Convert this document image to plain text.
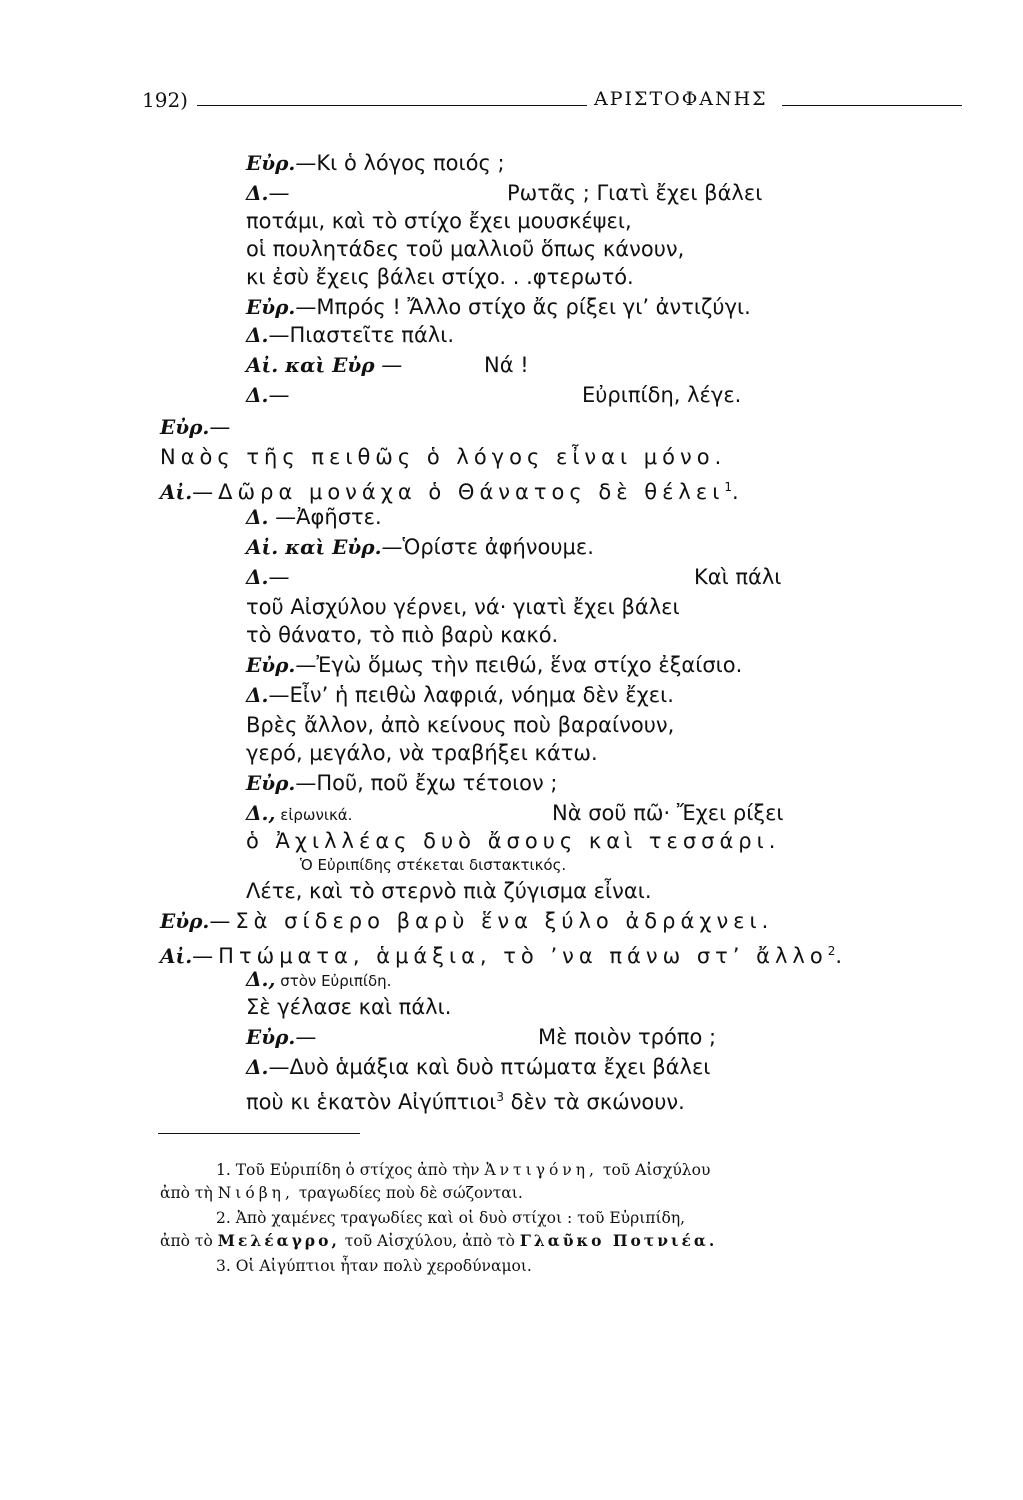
192)	ΑΡΙΣΤΟΦΑΝΗΣ
Εὐρ.—Κι ὁ λόγος ποιός ;
Δ.—	Ρωτᾶς ; Γιατὶ ἔχει βάλει
ποτάμι, καὶ τὸ στίχο ἔχει μουσκέψει,
οἱ πουλητάδες τοῦ μαλλιοῦ ὅπως κάνουν,
κι ἐσὺ ἔχεις βάλει στίχο. . .φτερωτό.
Εὐρ.—Μπρός ! Ἄλλο στίχο ἄς ρίξει γι’ ἀντιζύγι.
Δ.—Πιαστεῖτε πάλι.
Αἰ. καὶ Εὐρ —	Νά !
Δ.—	Εὐριπίδη, λέγε.
Εὐρ.—
Ναὸς τῆς πειθῶς ὁ λόγος εἶναι μόνο.
Αἰ.—Δῶρα μονάχα ὁ Θάνατος δὲ θέλει$^1$.
Δ. —Ἀφῆστε.
Αἰ. καὶ Εὐρ.—Ὁρίστε ἀφήνουμε.
Δ.—	Καὶ πάλι
τοῦ Αἰσχύλου γέρνει, νά· γιατὶ ἔχει βάλει
τὸ θάνατο, τὸ πιὸ βαρὺ κακό.
Εὐρ.—Ἐγὼ ὅμως τὴν πειθώ, ἕνα στίχο ἐξαίσιο.
Δ.—Εἶν’ ἡ πειθὼ λαφριά, νόημα δὲν ἔχει.
Βρὲς ἄλλον, ἀπὸ κείνους ποὺ βαραίνουν,
γερό, μεγάλο, νὰ τραβήξει κάτω.
Εὐρ.—Ποῦ, ποῦ ἔχω τέτοιον ;
Δ., εἰρωνικά.	Νὰ σοῦ πῶ· Ἔχει ρίξει
ὁ Ἀχιλλέας δυὸ ἄσους καὶ τεσσάρι.
Ὁ Εὐριπίδης στέκεται διστακτικός.
Λέτε, καὶ τὸ στερνὸ πιὰ ζύγισμα εἶναι.
Εὐρ.—Σὰ σίδερο βαρὺ ἕνα ξύλο ἀδράχνει.
Αἰ.—Πτώματα, ἁμάξια, τὸ ’να πάνω στ’ ἄλλο$^2$.
Δ., στὸν Εὐριπίδη.
Σὲ γέλασε καὶ πάλι.
Εὐρ.—	Μὲ ποιὸν τρόπο ;
Δ.—Δυὸ ἁμάξια καὶ δυὸ πτώματα ἔχει βάλει
ποὺ κι ἑκατὸν Αἰγύπτιοι$^3$ δὲν τὰ σκώνουν.
1. Τοῦ Εὐριπίδη ὁ στίχος ἀπὸ τὴν Ἀντιγόνη, τοῦ Αἰσχύλου
ἀπὸ τὴ Νιόβη, τραγωδίες ποὺ δὲ σώζονται.
2. Ἀπὸ χαμένες τραγωδίες καὶ οἱ δυὸ στίχοι : τοῦ Εὐριπίδη,
ἀπὸ τὸ Μελέαγρο, τοῦ Αἰσχύλου, ἀπὸ τὸ Γλαῦκο Ποτνιέα.
3. Οἱ Αἰγύπτιοι ἦταν πολὺ χεροδύναμοι.
